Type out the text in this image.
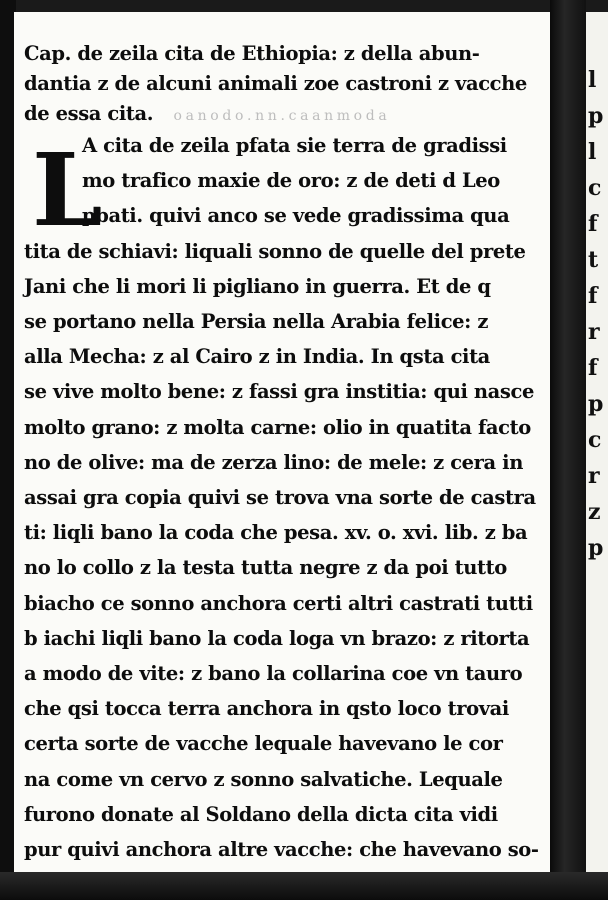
l
p
l
c
f
t
f
r
f
p
c
r
z
p
Cap. de zeila cita de Ethiopia: z della abun-
dantia z de alcuni animali zoe castroni z vacche
de essa cita. o a n o d o . n n . c a a n m o d a
L
A cita de zeila pfata sie terra de gradissi
mo trafico maxie de oro: z de deti d Leo
pbati. quivi anco se vede gradissima qua
tita de schiavi: liquali sonno de quelle del prete
Jani che li mori li pigliano in guerra. Et de q
se portano nella Persia nella Arabia felice: z
alla Mecha: z al Cairo z in India. In qsta cita
se vive molto bene: z fassi gra institia: qui nasce
molto grano: z molta carne: olio in quatita facto
no de olive: ma de zerza lino: de mele: z cera in
assai gra copia quivi se trova vna sorte de castra
ti: liqli bano la coda che pesa. xv. o. xvi. lib. z ba
no lo collo z la testa tutta negre z da poi tutto
biacho ce sonno anchora certi altri castrati tutti
b iachi liqli bano la coda loga vn brazo: z ritorta
a modo de vite: z bano la collarina coe vn tauro
che qsi tocca terra anchora in qsto loco trovai
certa sorte de vacche lequale havevano le cor
na come vn cervo z sonno salvatiche. Lequale
furono donate al Soldano della dicta cita vidi
pur quivi anchora altre vacche: che havevano so-
